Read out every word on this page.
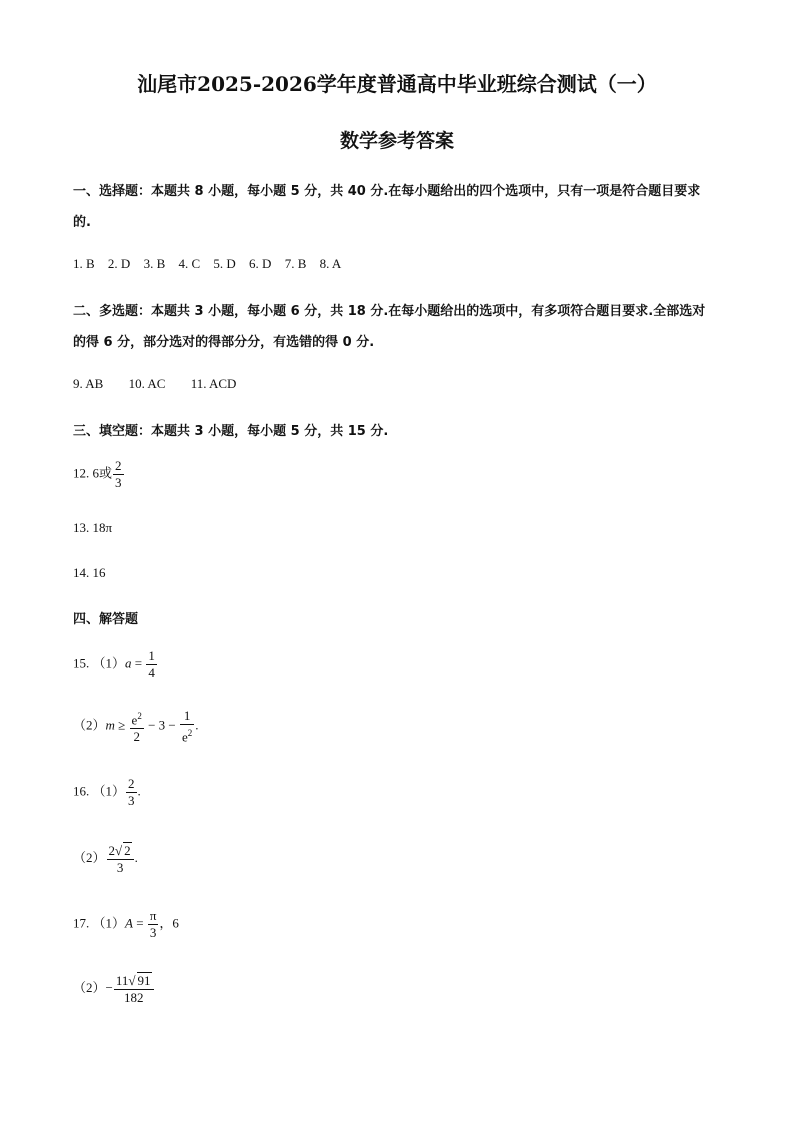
汕尾市2025-2026学年度普通高中毕业班综合测试（一）
数学参考答案
一、选择题：本题共 8 小题，每小题 5 分，共 40 分.在每小题给出的四个选项中，只有一项是符合题目要求
的.
1. B 2. D 3. B 4. C 5. D 6. D 7. B 8. A
二、多选题：本题共 3 小题，每小题 6 分，共 18 分.在每小题给出的选项中，有多项符合题目要求.全部选对
的得 6 分，部分选对的得部分分，有选错的得 0 分.
9. AB 10. AC 11. ACD
三、填空题：本题共 3 小题，每小题 5 分，共 15 分.
12. 6或 $\frac{2}{3}$
13. 18π
14. 16
四、解答题
15. $(1)a = \frac{1}{4}$
$(2)m \ge \frac{e^2}{2} - 3 - \frac{1}{e^2}$ .
16. $(1) \frac{2}{3}$ .
$(2) \frac{2√ 2}{3}$ .
17. $(1)A = \frac{\pi}{3}$ ，6
$(2)- \frac{11√ 91}{182}$
